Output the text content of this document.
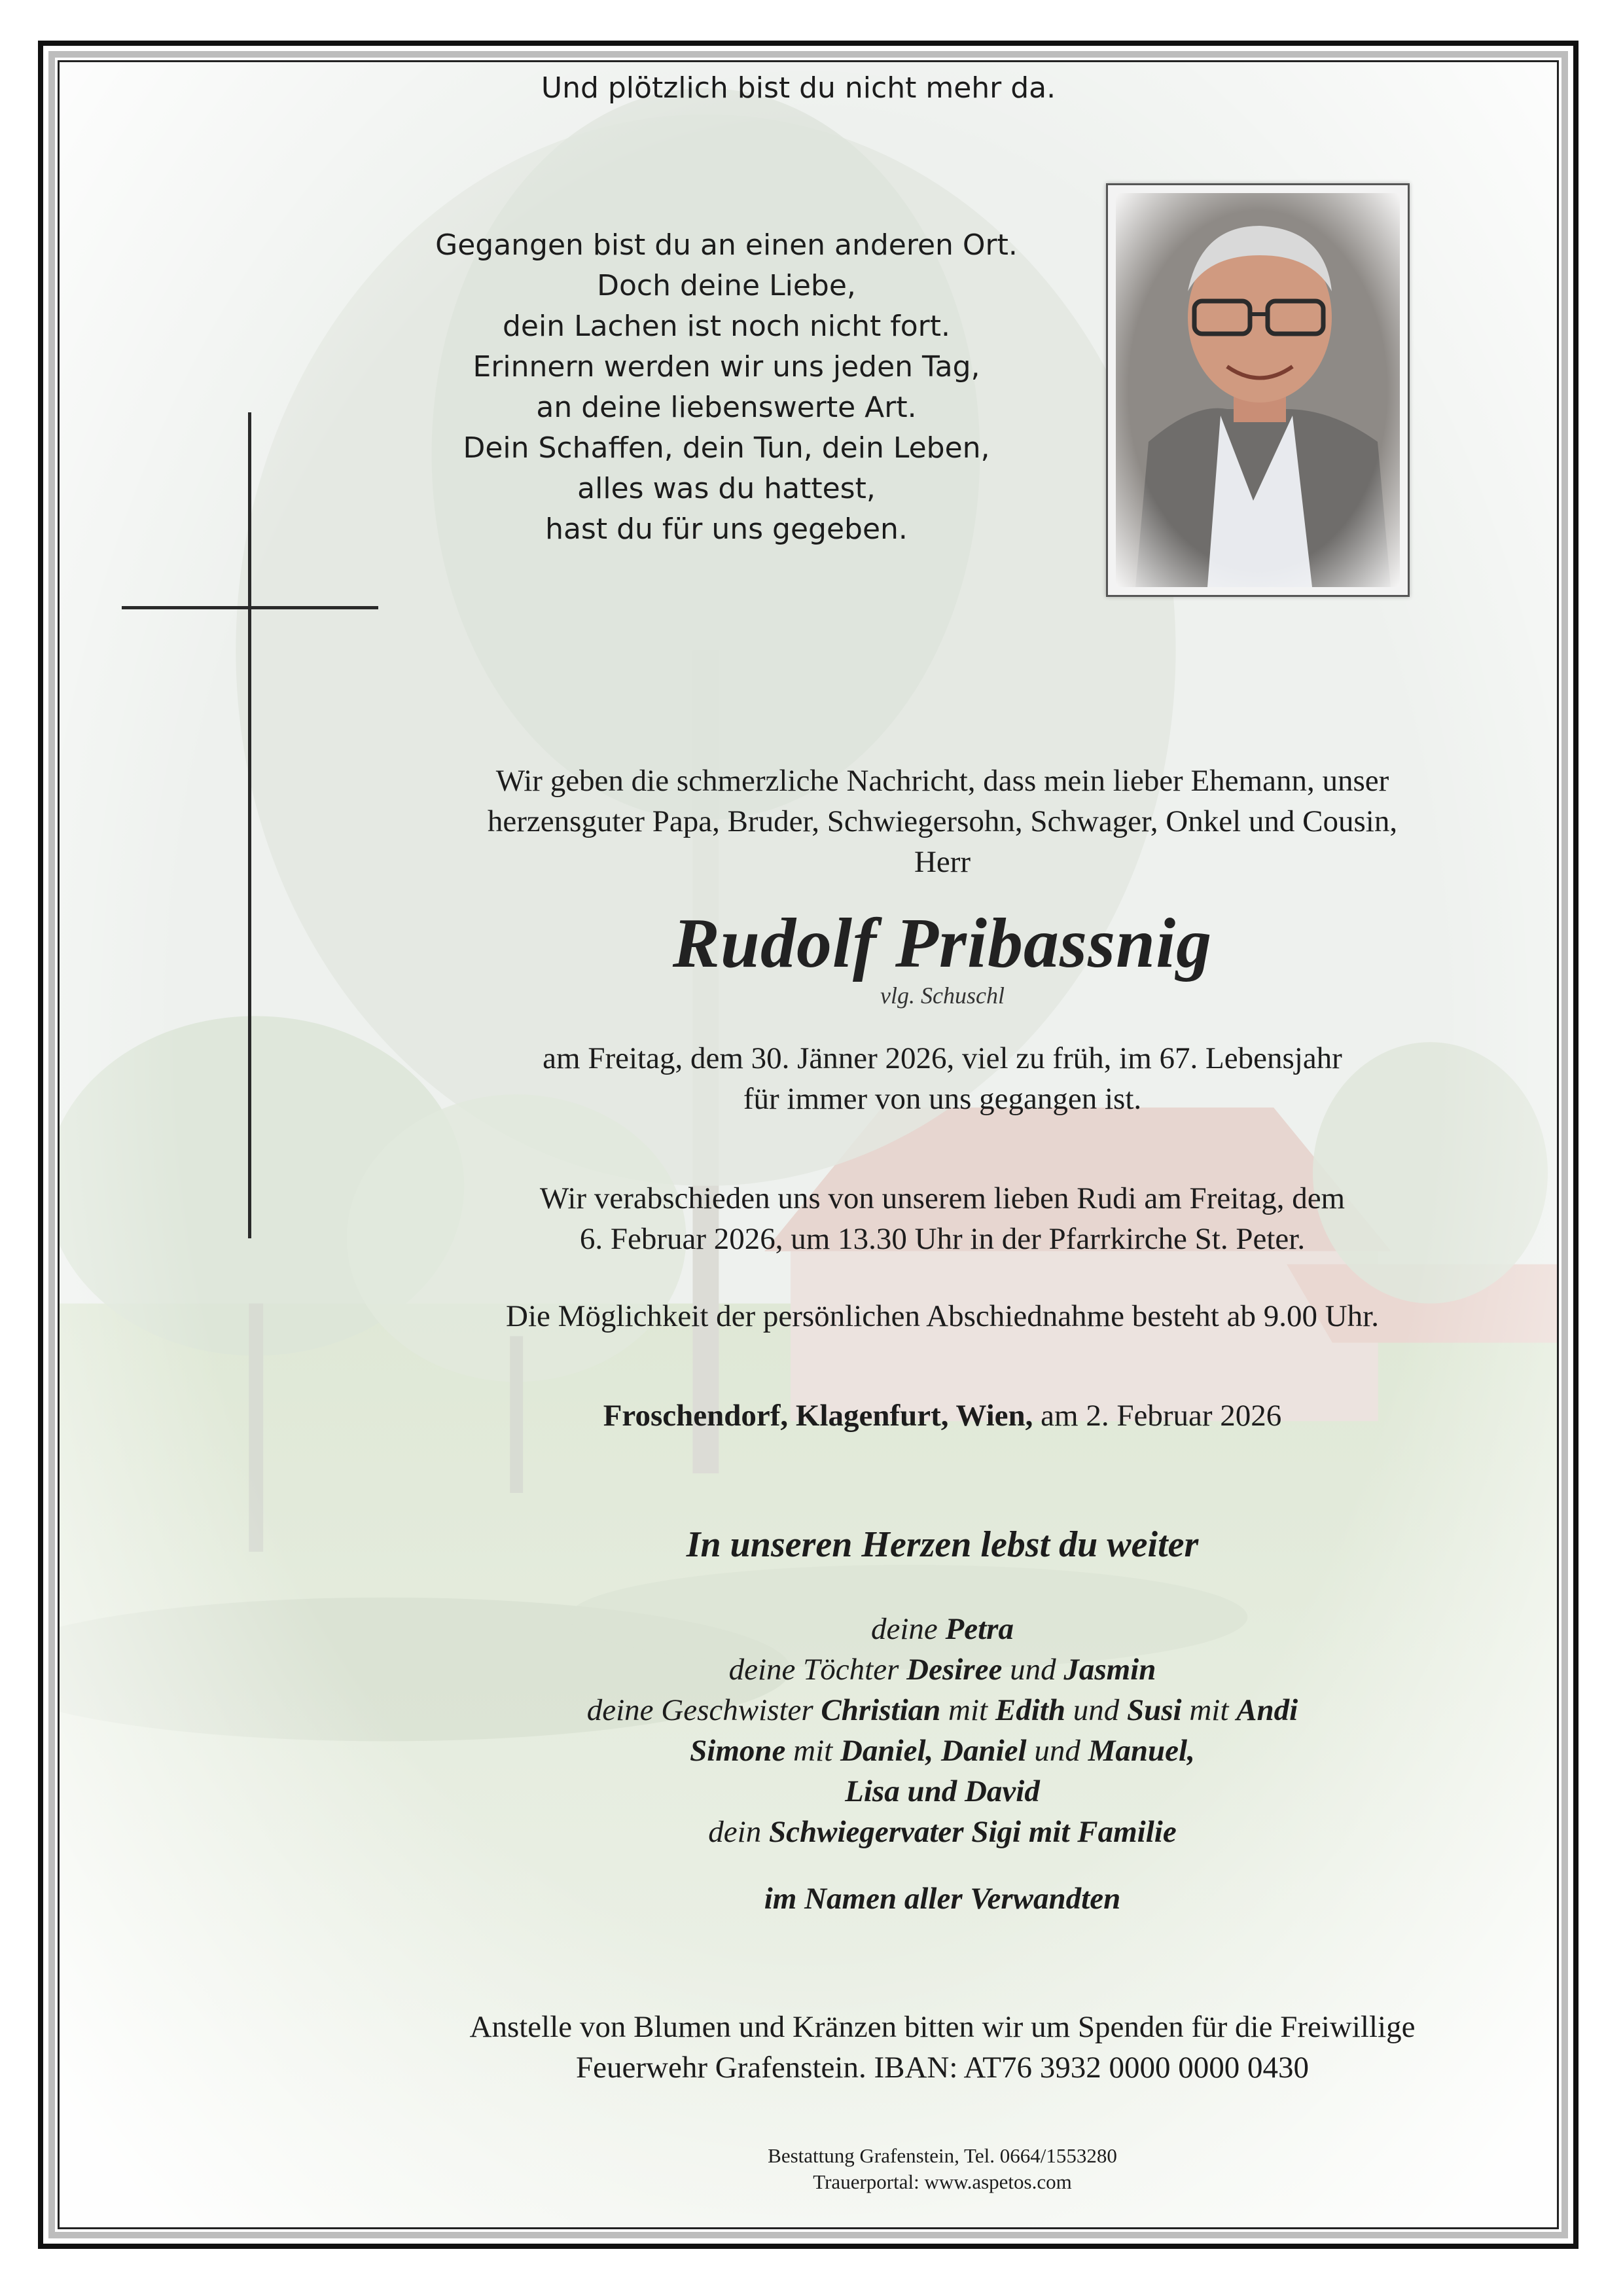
Und plötzlich bist du nicht mehr da.
Gegangen bist du an einen anderen Ort.
Doch deine Liebe,
dein Lachen ist noch nicht fort.
Erinnern werden wir uns jeden Tag,
an deine liebenswerte Art.
Dein Schaffen, dein Tun, dein Leben,
alles was du hattest,
hast du für uns gegeben.
Wir geben die schmerzliche Nachricht, dass mein lieber Ehemann, unser
herzensguter Papa, Bruder, Schwiegersohn, Schwager, Onkel und Cousin,
Herr
Rudolf Pribassnig
vlg. Schuschl
am Freitag, dem 30. Jänner 2026, viel zu früh, im 67. Lebensjahr
für immer von uns gegangen ist.
Wir verabschieden uns von unserem lieben Rudi am Freitag, dem
6. Februar 2026, um 13.30 Uhr in der Pfarrkirche St. Peter.
Die Möglichkeit der persönlichen Abschiednahme besteht ab 9.00 Uhr.
Froschendorf, Klagenfurt, Wien, am 2. Februar 2026
In unseren Herzen lebst du weiter
deine Petra
deine Töchter Desiree und Jasmin
deine Geschwister Christian mit Edith und Susi mit Andi
Simone mit Daniel, Daniel und Manuel,
Lisa und David
dein Schwiegervater Sigi mit Familie
im Namen aller Verwandten
Anstelle von Blumen und Kränzen bitten wir um Spenden für die Freiwillige
Feuerwehr Grafenstein. IBAN: AT76 3932 0000 0000 0430
Bestattung Grafenstein, Tel. 0664/1553280
Trauerportal: www.aspetos.com
